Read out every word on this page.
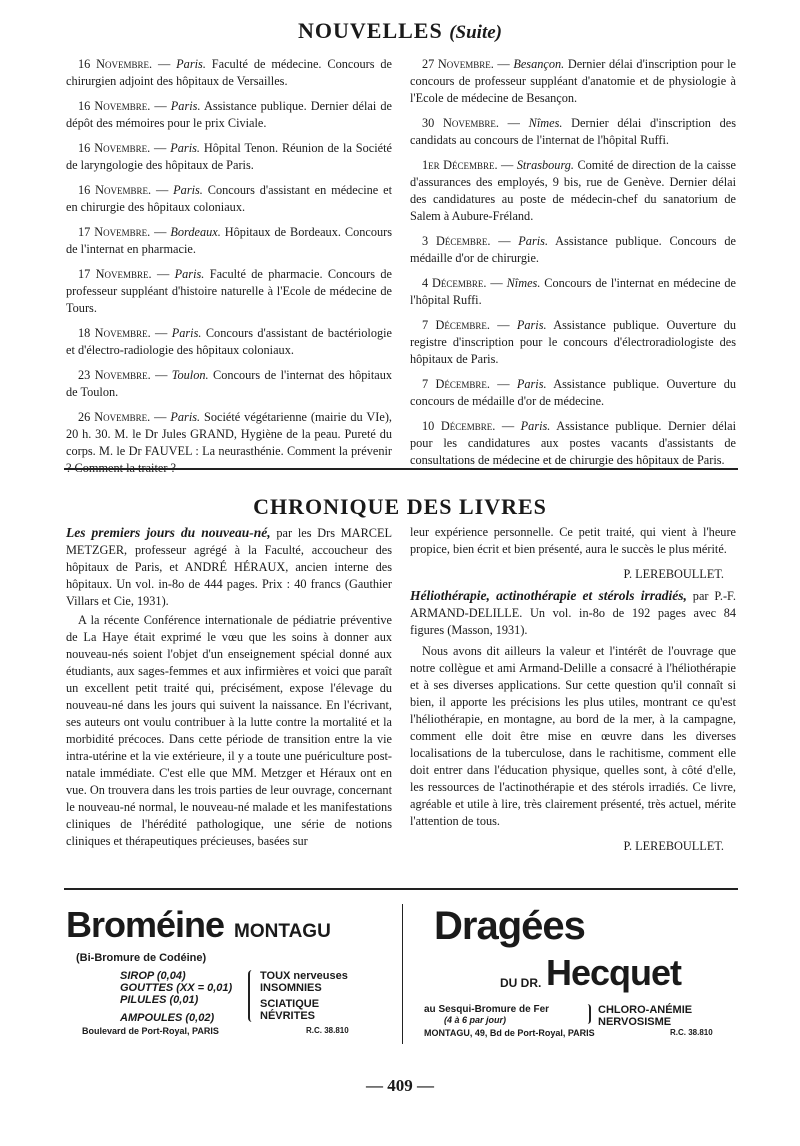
NOUVELLES (Suite)

16 Novembre. — Paris. Faculté de médecine. Concours de chirurgien adjoint des hôpitaux de Versailles.

16 Novembre. — Paris. Assistance publique. Dernier délai de dépôt des mémoires pour le prix Civiale.

16 Novembre. — Paris. Hôpital Tenon. Réunion de la Société de laryngologie des hôpitaux de Paris.

16 Novembre. — Paris. Concours d'assistant en médecine et en chirurgie des hôpitaux coloniaux.

17 Novembre. — Bordeaux. Hôpitaux de Bordeaux. Concours de l'internat en pharmacie.

17 Novembre. — Paris. Faculté de pharmacie. Concours de professeur suppléant d'histoire naturelle à l'Ecole de médecine de Tours.

18 Novembre. — Paris. Concours d'assistant de bactériologie et d'électro-radiologie des hôpitaux coloniaux.

23 Novembre. — Toulon. Concours de l'internat des hôpitaux de Toulon.

26 Novembre. — Paris. Société végétarienne (mairie du VIe), 20 h. 30. M. le Dr Jules GRAND, Hygiène de la peau. Pureté du corps. M. le Dr FAUVEL : La neurasthénie. Comment la prévenir

27 Novembre. — Besançon. Dernier délai d'inscription pour le concours de professeur suppléant d'anatomie et de physiologie à l'Ecole de médecine de Besançon.

30 Novembre. — Nîmes. Dernier délai d'inscription des candidats au concours de l'internat de l'hôpital Ruffi.

1er Décembre. — Strasbourg. Comité de direction de la caisse d'assurances des employés, 9 bis, rue de Genève. Dernier délai des candidatures au poste de médecin-chef du sanatorium de Salem à Aubure-Fréland.

3 Décembre. — Paris. Assistance publique. Concours de médaille d'or de chirurgie.

4 Décembre. — Nîmes. Concours de l'internat en médecine de l'hôpital Ruffi.

7 Décembre. — Paris. Assistance publique. Ouverture du registre d'inscription pour le concours d'électroradiologiste des hôpitaux de Paris.

7 Décembre. — Paris. Assistance publique. Ouverture du concours de médaille d'or de médecine.

10 Décembre. — Paris. Assistance publique. Dernier délai pour les candidatures aux postes vacants d'assistants de consultations de médecine et de chirurgie des hôpitaux de Paris.

CHRONIQUE DES LIVRES
Les premiers jours du nouveau-né, par les Drs MARCEL METZGER, professeur agrégé à la Faculté, accoucheur des hôpitaux de Paris, et ANDRÉ HÉRAUX, ancien interne des hôpitaux. Un vol. in-8o de 444 pages. Prix : 40 francs (Gauthier Villars et Cie, 1931).

A la récente Conférence internationale de pédiatrie préventive de La Haye était exprimé le vœu que les soins à donner aux nouveau-nés soient l'objet d'un enseignement spécial donné aux étudiants, aux sages-femmes et aux infirmières et voici que paraît un excellent petit traité qui, précisément, expose l'élevage du nouveau-né dans les jours qui suivent la naissance. En l'écrivant, ses auteurs ont voulu contribuer à la lutte contre la mortalité et la morbidité précoces. Dans cette période de transition entre la vie intra-utérine et la vie extérieure, il y a toute une puériculture post-natale immédiate. C'est elle que MM. Metzger et Héraux ont en vue. On trouvera dans les trois parties de leur ouvrage, concernant le nouveau-né normal, le nouveau-né malade et les manifestations cliniques de l'hérédité pathologique, une série de notions cliniques et thérapeutiques précieuses, basées sur

leur expérience personnelle. Ce petit traité, qui vient à l'heure propice, bien écrit et bien présenté, aura le succès le plus mérité.

P. LEREBOULLET.
Héliothérapie, actinothérapie et stérols irradiés, par P.-F. ARMAND-DELILLE. Un vol. in-8o de 192 pages avec 84 figures (Masson, 1931).

Nous avons dit ailleurs la valeur et l'intérêt de l'ouvrage que notre collègue et ami Armand-Delille a consacré à l'héliothérapie et à ses diverses applications. Sur cette question qu'il connaît si bien, il apporte les précisions les plus utiles, montrant ce qu'est l'héliothérapie, en montagne, au bord de la mer, à la campagne, comment elle doit être mise en œuvre dans les diverses localisations de la tuberculose, dans le rachitisme, comment elle doit entrer dans l'éducation physique, quelles sont, à côté d'elle, les ressources de l'actinothérapie et des stérols irradiés. Ce livre, agréable et utile à lire, très clairement présenté, très actuel, mérite l'attention de tous.

P. LEREBOULLET.
Broméine MONTAGU
(Bi-Bromure de Codéine)
SIROP (0,04)
GOUTTES (XX = 0,01)
PILULES (0,01)
AMPOULES (0,02)
TOUX nerveuses
INSOMNIES
SCIATIQUE
NÉVRITES
Boulevard de Port-Royal, PARIS	R.C. 38.810
Dragées
DU DR. Hecquet
au Sesqui-Bromure de Fer
(4 à 6 par jour)
CHLORO-ANÉMIE
NERVOSISME
MONTAGU, 49, Bd de Port-Royal, PARIS	R.C. 38.810
— 409 —
